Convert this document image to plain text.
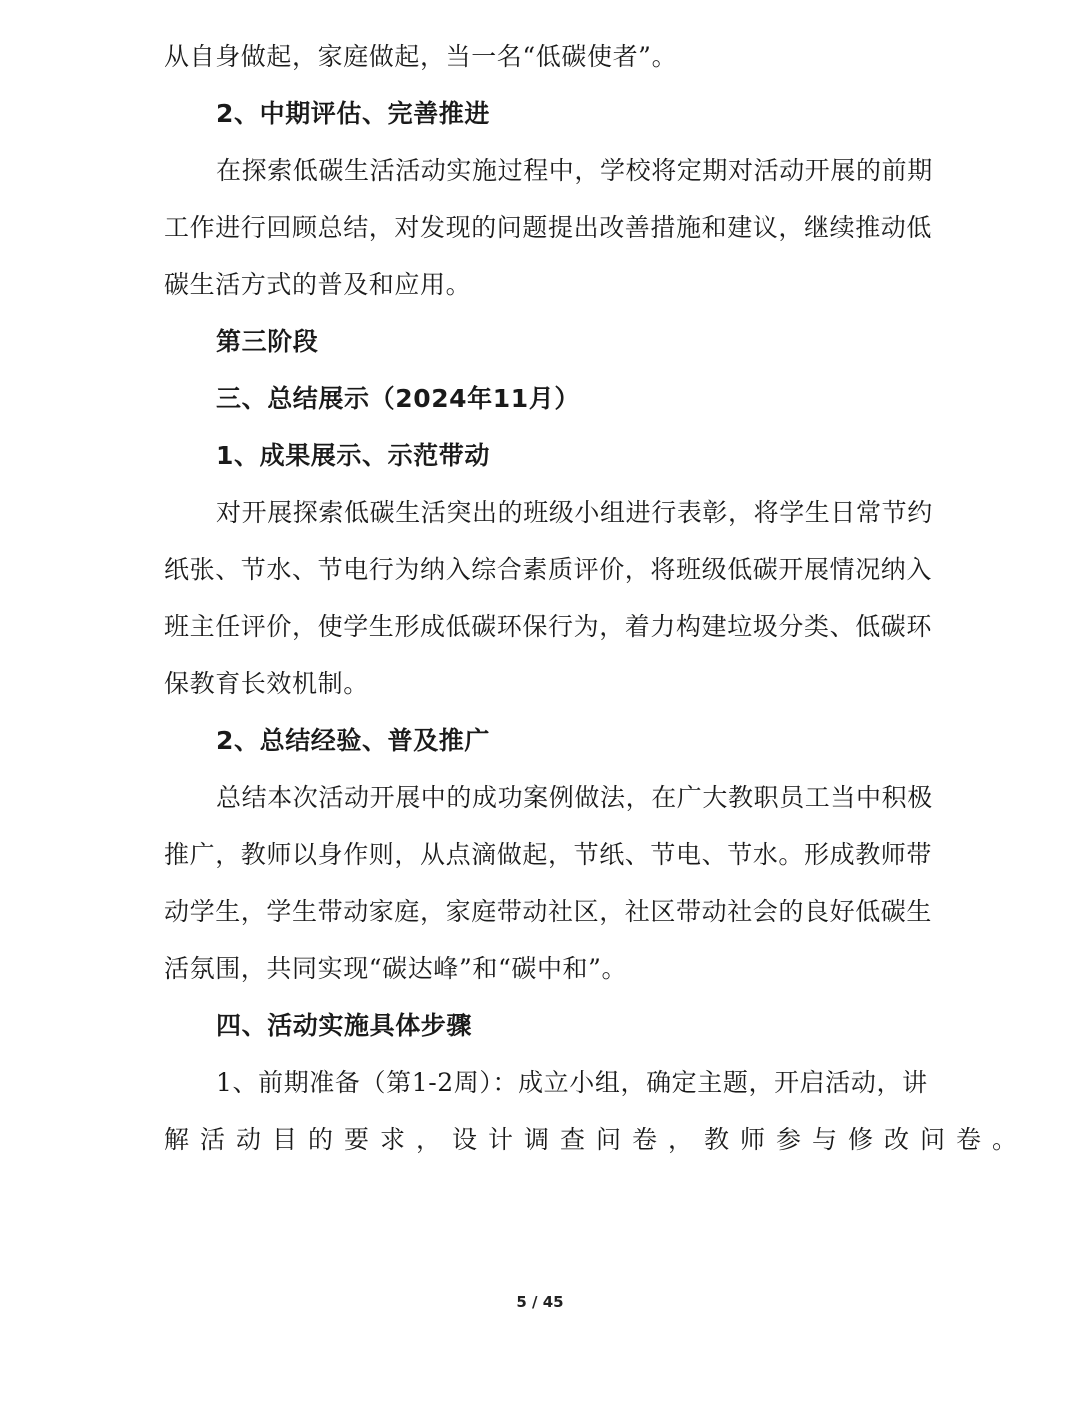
从自身做起，家庭做起，当一名“低碳使者”。
2、中期评估、完善推进
在探索低碳生活活动实施过程中，学校将定期对活动开展的前期
工作进行回顾总结，对发现的问题提出改善措施和建议，继续推动低
碳生活方式的普及和应用。
第三阶段
三、总结展示（2024年11月）
1、成果展示、示范带动
对开展探索低碳生活突出的班级小组进行表彰，将学生日常节约
纸张、节水、节电行为纳入综合素质评价，将班级低碳开展情况纳入
班主任评价，使学生形成低碳环保行为，着力构建垃圾分类、低碳环
保教育长效机制。
2、总结经验、普及推广
总结本次活动开展中的成功案例做法，在广大教职员工当中积极
推广，教师以身作则，从点滴做起，节纸、节电、节水。形成教师带
动学生，学生带动家庭，家庭带动社区，社区带动社会的良好低碳生
活氛围，共同实现“碳达峰”和“碳中和”。
四、活动实施具体步骤
1、前期准备（第1-2周）：成立小组，确定主题，开启活动，讲
解活动目的要求，设计调查问卷，教师参与修改问卷。
5 / 45
